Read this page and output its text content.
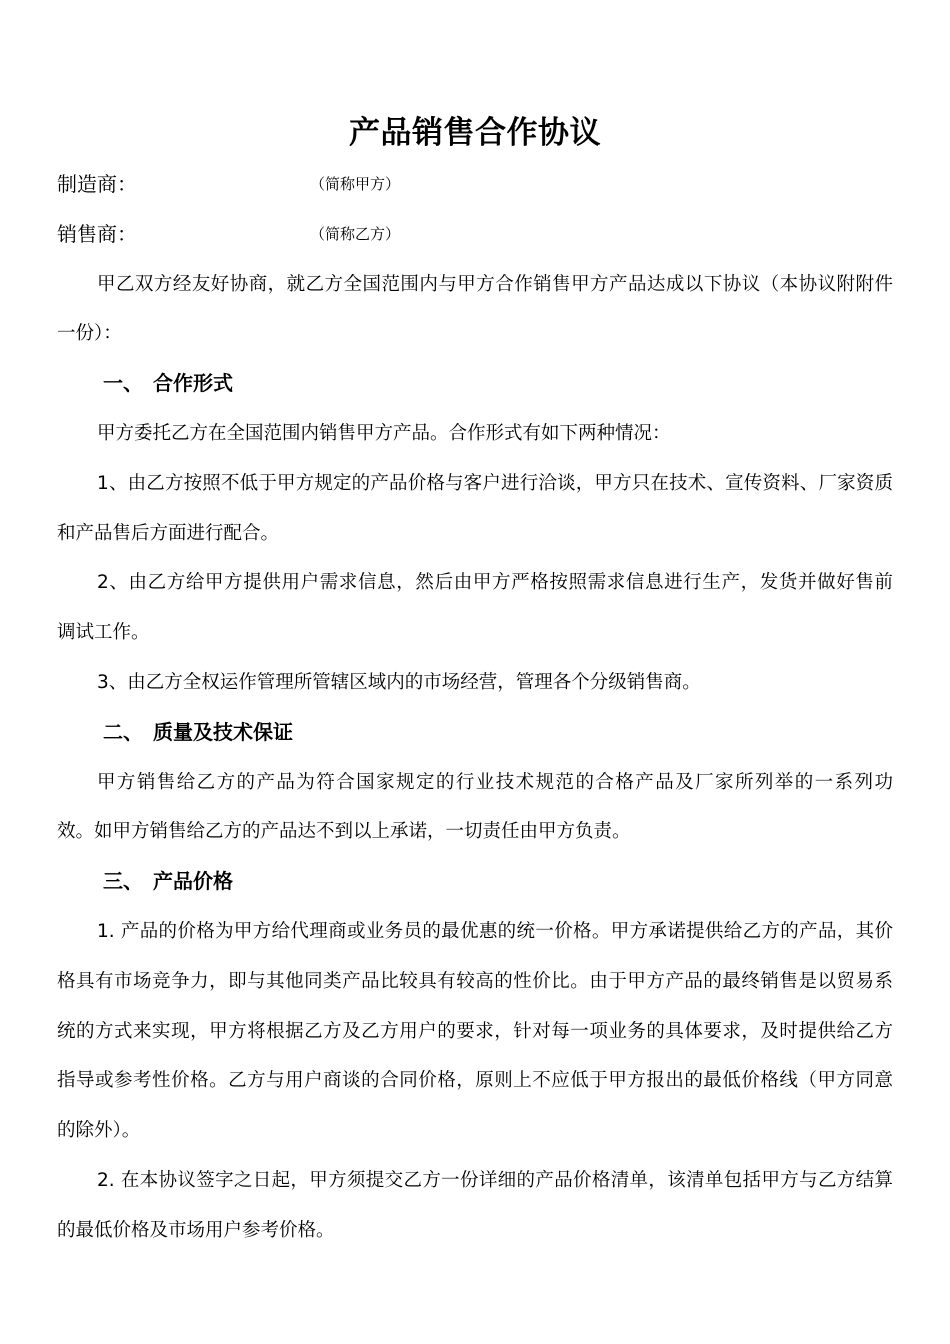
产品销售合作协议
制造商：	（简称甲方）
销售商：	（简称乙方）
甲乙双方经友好协商，就乙方全国范围内与甲方合作销售甲方产品达成以下协议（本协议附附件
一份）：
一、 合作形式
甲方委托乙方在全国范围内销售甲方产品。合作形式有如下两种情况：
1、由乙方按照不低于甲方规定的产品价格与客户进行洽谈，甲方只在技术、宣传资料、厂家资质
和产品售后方面进行配合。
2、由乙方给甲方提供用户需求信息，然后由甲方严格按照需求信息进行生产，发货并做好售前
调试工作。
3、由乙方全权运作管理所管辖区域内的市场经营，管理各个分级销售商。
二、 质量及技术保证
甲方销售给乙方的产品为符合国家规定的行业技术规范的合格产品及厂家所列举的一系列功
效。如甲方销售给乙方的产品达不到以上承诺，一切责任由甲方负责。
三、 产品价格
1. 产品的价格为甲方给代理商或业务员的最优惠的统一价格。甲方承诺提供给乙方的产品，其价
格具有市场竞争力，即与其他同类产品比较具有较高的性价比。由于甲方产品的最终销售是以贸易系
统的方式来实现，甲方将根据乙方及乙方用户的要求，针对每一项业务的具体要求，及时提供给乙方
指导或参考性价格。乙方与用户商谈的合同价格，原则上不应低于甲方报出的最低价格线（甲方同意
的除外）。
2. 在本协议签字之日起，甲方须提交乙方一份详细的产品价格清单，该清单包括甲方与乙方结算
的最低价格及市场用户参考价格。
